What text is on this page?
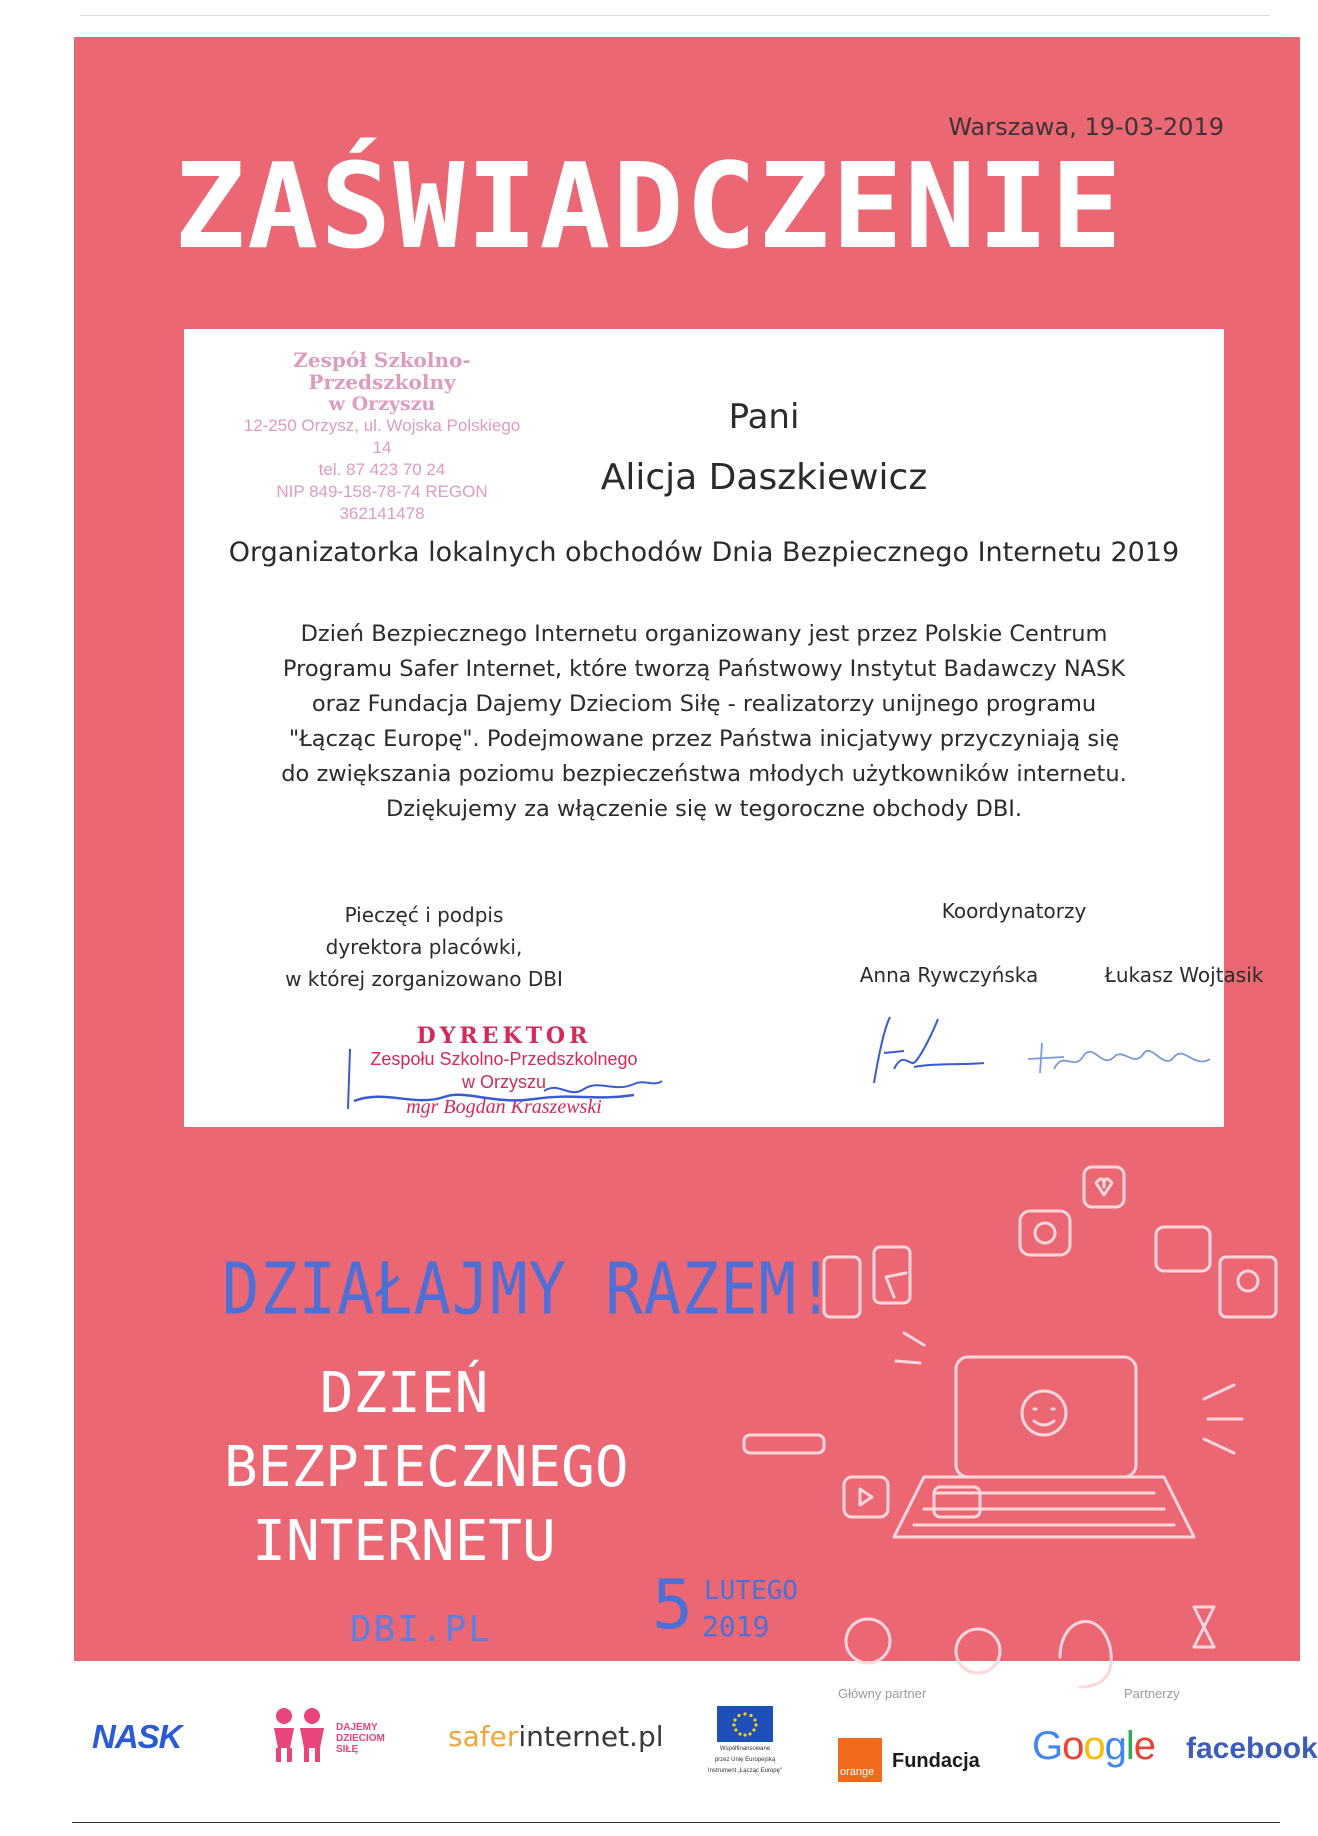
Warszawa, 19-03-2019
ZAŚWIADCZENIE
Zespół Szkolno-Przedszkolny
w Orzyszu
12-250 Orzysz, ul. Wojska Polskiego 14
tel. 87 423 70 24
NIP 849-158-78-74 REGON 362141478
Pani
Alicja Daszkiewicz
Organizatorka lokalnych obchodów Dnia Bezpiecznego Internetu 2019

Dzień Bezpiecznego Internetu organizowany jest przez Polskie Centrum
Programu Safer Internet, które tworzą Państwowy Instytut Badawczy NASK
oraz Fundacja Dajemy Dzieciom Siłę - realizatorzy unijnego programu
"Łącząc Europę". Podejmowane przez Państwa inicjatywy przyczyniają się
do zwiększania poziomu bezpieczeństwa młodych użytkowników internetu.
Dziękujemy za włączenie się w tegoroczne obchody DBI.

Pieczęć i podpis
dyrektora placówki,
w której zorganizowano DBI
Koordynatorzy
Anna Rywczyńska	Łukasz Wojtasik
DYREKTOR
Zespołu Szkolno-Przedszkolnego
w Orzyszu
mgr Bogdan Kraszewski
DZIAŁAJMY RAZEM!
DZIEŃ
BEZPIECZNEGO
INTERNETU
DBI.PL 5 LUTEGO
2019
Główny partner	Partnerzy
NASK	DAJEMY
DZIECIOM
SIŁĘ	saferinternet.pl	Współfinansowane
przez Unię Europejską
Instrument „Łącząc Europę"	orange Fundacja Google facebook
